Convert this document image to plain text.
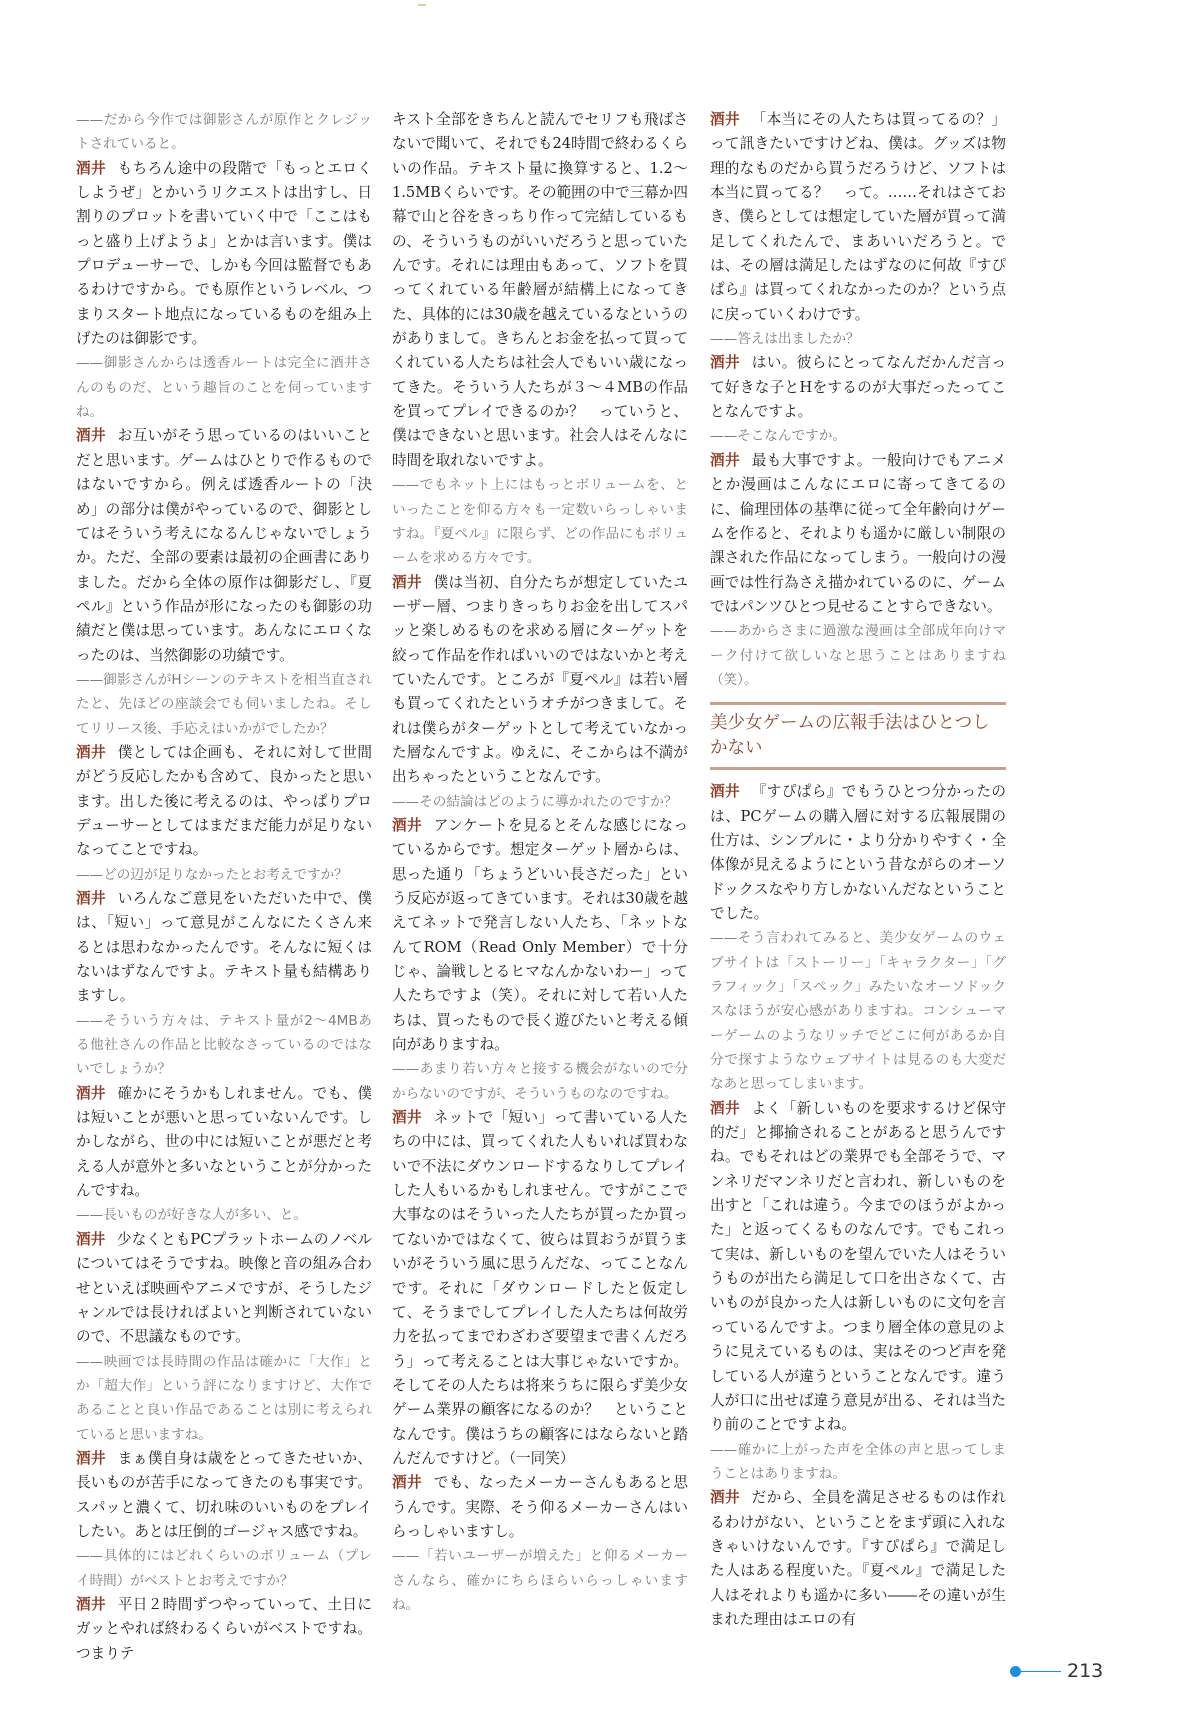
——だから今作では御影さんが原作とクレジットされていると。

酒井 もちろん途中の段階で「もっとエロくしようぜ」とかいうリクエストは出すし、日割りのプロットを書いていく中で「ここはもっと盛り上げようよ」とかは言います。僕はプロデューサーで、しかも今回は監督でもあるわけですから。でも原作というレベル、つまりスタート地点になっているものを組み上げたのは御影です。

——御影さんからは透香ルートは完全に酒井さんのものだ、という趣旨のことを伺っていますね。

酒井 お互いがそう思っているのはいいことだと思います。ゲームはひとりで作るものではないですから。例えば透香ルートの「決め」の部分は僕がやっているので、御影としてはそういう考えになるんじゃないでしょうか。ただ、全部の要素は最初の企画書にありました。だから全体の原作は御影だし、『夏ペル』という作品が形になったのも御影の功績だと僕は思っています。あんなにエロくなったのは、当然御影の功績です。

——御影さんがHシーンのテキストを相当直されたと、先ほどの座談会でも伺いましたね。そしてリリース後、手応えはいかがでしたか？

酒井 僕としては企画も、それに対して世間がどう反応したかも含めて、良かったと思います。出した後に考えるのは、やっぱりプロデューサーとしてはまだまだ能力が足りないなってことですね。

——どの辺が足りなかったとお考えですか？

酒井 いろんなご意見をいただいた中で、僕は、「短い」って意見がこんなにたくさん来るとは思わなかったんです。そんなに短くはないはずなんですよ。テキスト量も結構ありますし。

——そういう方々は、テキスト量が2〜4MBある他社さんの作品と比較なさっているのではないでしょうか？

酒井 確かにそうかもしれません。でも、僕は短いことが悪いと思っていないんです。しかしながら、世の中には短いことが悪だと考える人が意外と多いなということが分かったんですね。

——長いものが好きな人が多い、と。

酒井 少なくともPCプラットホームのノベルについてはそうですね。映像と音の組み合わせといえば映画やアニメですが、そうしたジャンルでは長ければよいと判断されていないので、不思議なものです。

——映画では長時間の作品は確かに「大作」とか「超大作」という評になりますけど、大作であることと良い作品であることは別に考えられていると思いますね。

酒井 まぁ僕自身は歳をとってきたせいか、長いものが苦手になってきたのも事実です。スパッと濃くて、切れ味のいいものをプレイしたい。あとは圧倒的ゴージャス感ですね。

——具体的にはどれくらいのボリューム（プレイ時間）がベストとお考えですか？

酒井 平日２時間ずつやっていって、土日にガッとやれば終わるくらいがベストですね。つまりテ

キスト全部をきちんと読んでセリフも飛ばさないで聞いて、それでも24時間で終わるくらいの作品。テキスト量に換算すると、1.2〜1.5MBくらいです。その範囲の中で三幕か四幕で山と谷をきっちり作って完結しているもの、そういうものがいいだろうと思っていたんです。それには理由もあって、ソフトを買ってくれている年齢層が結構上になってきた、具体的には30歳を越えているなというのがありまして。きちんとお金を払って買ってくれている人たちは社会人でもいい歳になってきた。そういう人たちが３〜４MBの作品を買ってプレイできるのか？　っていうと、僕はできないと思います。社会人はそんなに時間を取れないですよ。

——でもネット上にはもっとボリュームを、といったことを仰る方々も一定数いらっしゃいますね。『夏ペル』に限らず、どの作品にもボリュームを求める方々です。

酒井 僕は当初、自分たちが想定していたユーザー層、つまりきっちりお金を出してスパッと楽しめるものを求める層にターゲットを絞って作品を作ればいいのではないかと考えていたんです。ところが『夏ペル』は若い層も買ってくれたというオチがつきまして。それは僕らがターゲットとして考えていなかった層なんですよ。ゆえに、そこからは不満が出ちゃったということなんです。

——その結論はどのように導かれたのですか？

酒井 アンケートを見るとそんな感じになっているからです。想定ターゲット層からは、思った通り「ちょうどいい長さだった」という反応が返ってきています。それは30歳を越えてネットで発言しない人たち、「ネットなんてROM（Read Only Member）で十分じゃ、論戦しとるヒマなんかないわー」って人たちですよ（笑）。それに対して若い人たちは、買ったもので長く遊びたいと考える傾向がありますね。

——あまり若い方々と接する機会がないので分からないのですが、そういうものなのですね。

酒井 ネットで「短い」って書いている人たちの中には、買ってくれた人もいれば買わないで不法にダウンロードするなりしてプレイした人もいるかもしれません。ですがここで大事なのはそういった人たちが買ったか買ってないかではなくて、彼らは買おうが買うまいがそういう風に思うんだな、ってことなんです。それに「ダウンロードしたと仮定して、そうまでしてプレイした人たちは何故労力を払ってまでわざわざ要望まで書くんだろう」って考えることは大事じゃないですか。そしてその人たちは将来うちに限らず美少女ゲーム業界の顧客になるのか？　ということなんです。僕はうちの顧客にはならないと踏んだんですけど。（一同笑）

酒井 でも、なったメーカーさんもあると思うんです。実際、そう仰るメーカーさんはいらっしゃいますし。

——「若いユーザーが増えた」と仰るメーカーさんなら、確かにちらほらいらっしゃいますね。

酒井 「本当にその人たちは買ってるの？」って訊きたいですけどね、僕は。グッズは物理的なものだから買うだろうけど、ソフトは本当に買ってる？　って。……それはさておき、僕らとしては想定していた層が買って満足してくれたんで、まあいいだろうと。では、その層は満足したはずなのに何故『すぴぱら』は買ってくれなかったのか？という点に戻っていくわけです。

——答えは出ましたか？

酒井 はい。彼らにとってなんだかんだ言って好きな子とHをするのが大事だったってことなんですよ。

——そこなんですか。

酒井 最も大事ですよ。一般向けでもアニメとか漫画はこんなにエロに寄ってきてるのに、倫理団体の基準に従って全年齢向けゲームを作ると、それよりも遥かに厳しい制限の課された作品になってしまう。一般向けの漫画では性行為さえ描かれているのに、ゲームではパンツひとつ見せることすらできない。

——あからさまに過激な漫画は全部成年向けマーク付けて欲しいなと思うことはありますね（笑）。

美少女ゲームの広報手法はひとつしかない

酒井 『すぴぱら』でもうひとつ分かったのは、PCゲームの購入層に対する広報展開の仕方は、シンプルに・より分かりやすく・全体像が見えるようにという昔ながらのオーソドックスなやり方しかないんだなということでした。

——そう言われてみると、美少女ゲームのウェブサイトは「ストーリー」「キャラクター」「グラフィック」「スペック」みたいなオーソドックスなほうが安心感がありますね。コンシューマーゲームのようなリッチでどこに何があるか自分で探すようなウェブサイトは見るのも大変だなあと思ってしまいます。

酒井 よく「新しいものを要求するけど保守的だ」と揶揄されることがあると思うんですね。でもそれはどの業界でも全部そうで、マンネリだマンネリだと言われ、新しいものを出すと「これは違う。今までのほうがよかった」と返ってくるものなんです。でもこれって実は、新しいものを望んでいた人はそういうものが出たら満足して口を出さなくて、古いものが良かった人は新しいものに文句を言っているんですよ。つまり層全体の意見のように見えているものは、実はそのつど声を発している人が違うということなんです。違う人が口に出せば違う意見が出る、それは当たり前のことですよね。

——確かに上がった声を全体の声と思ってしまうことはありますね。

酒井 だから、全員を満足させるものは作れるわけがない、ということをまず頭に入れなきゃいけないんです。『すぴぱら』で満足した人はある程度いた。『夏ペル』で満足した人はそれよりも遥かに多い――その違いが生まれた理由はエロの有

213
